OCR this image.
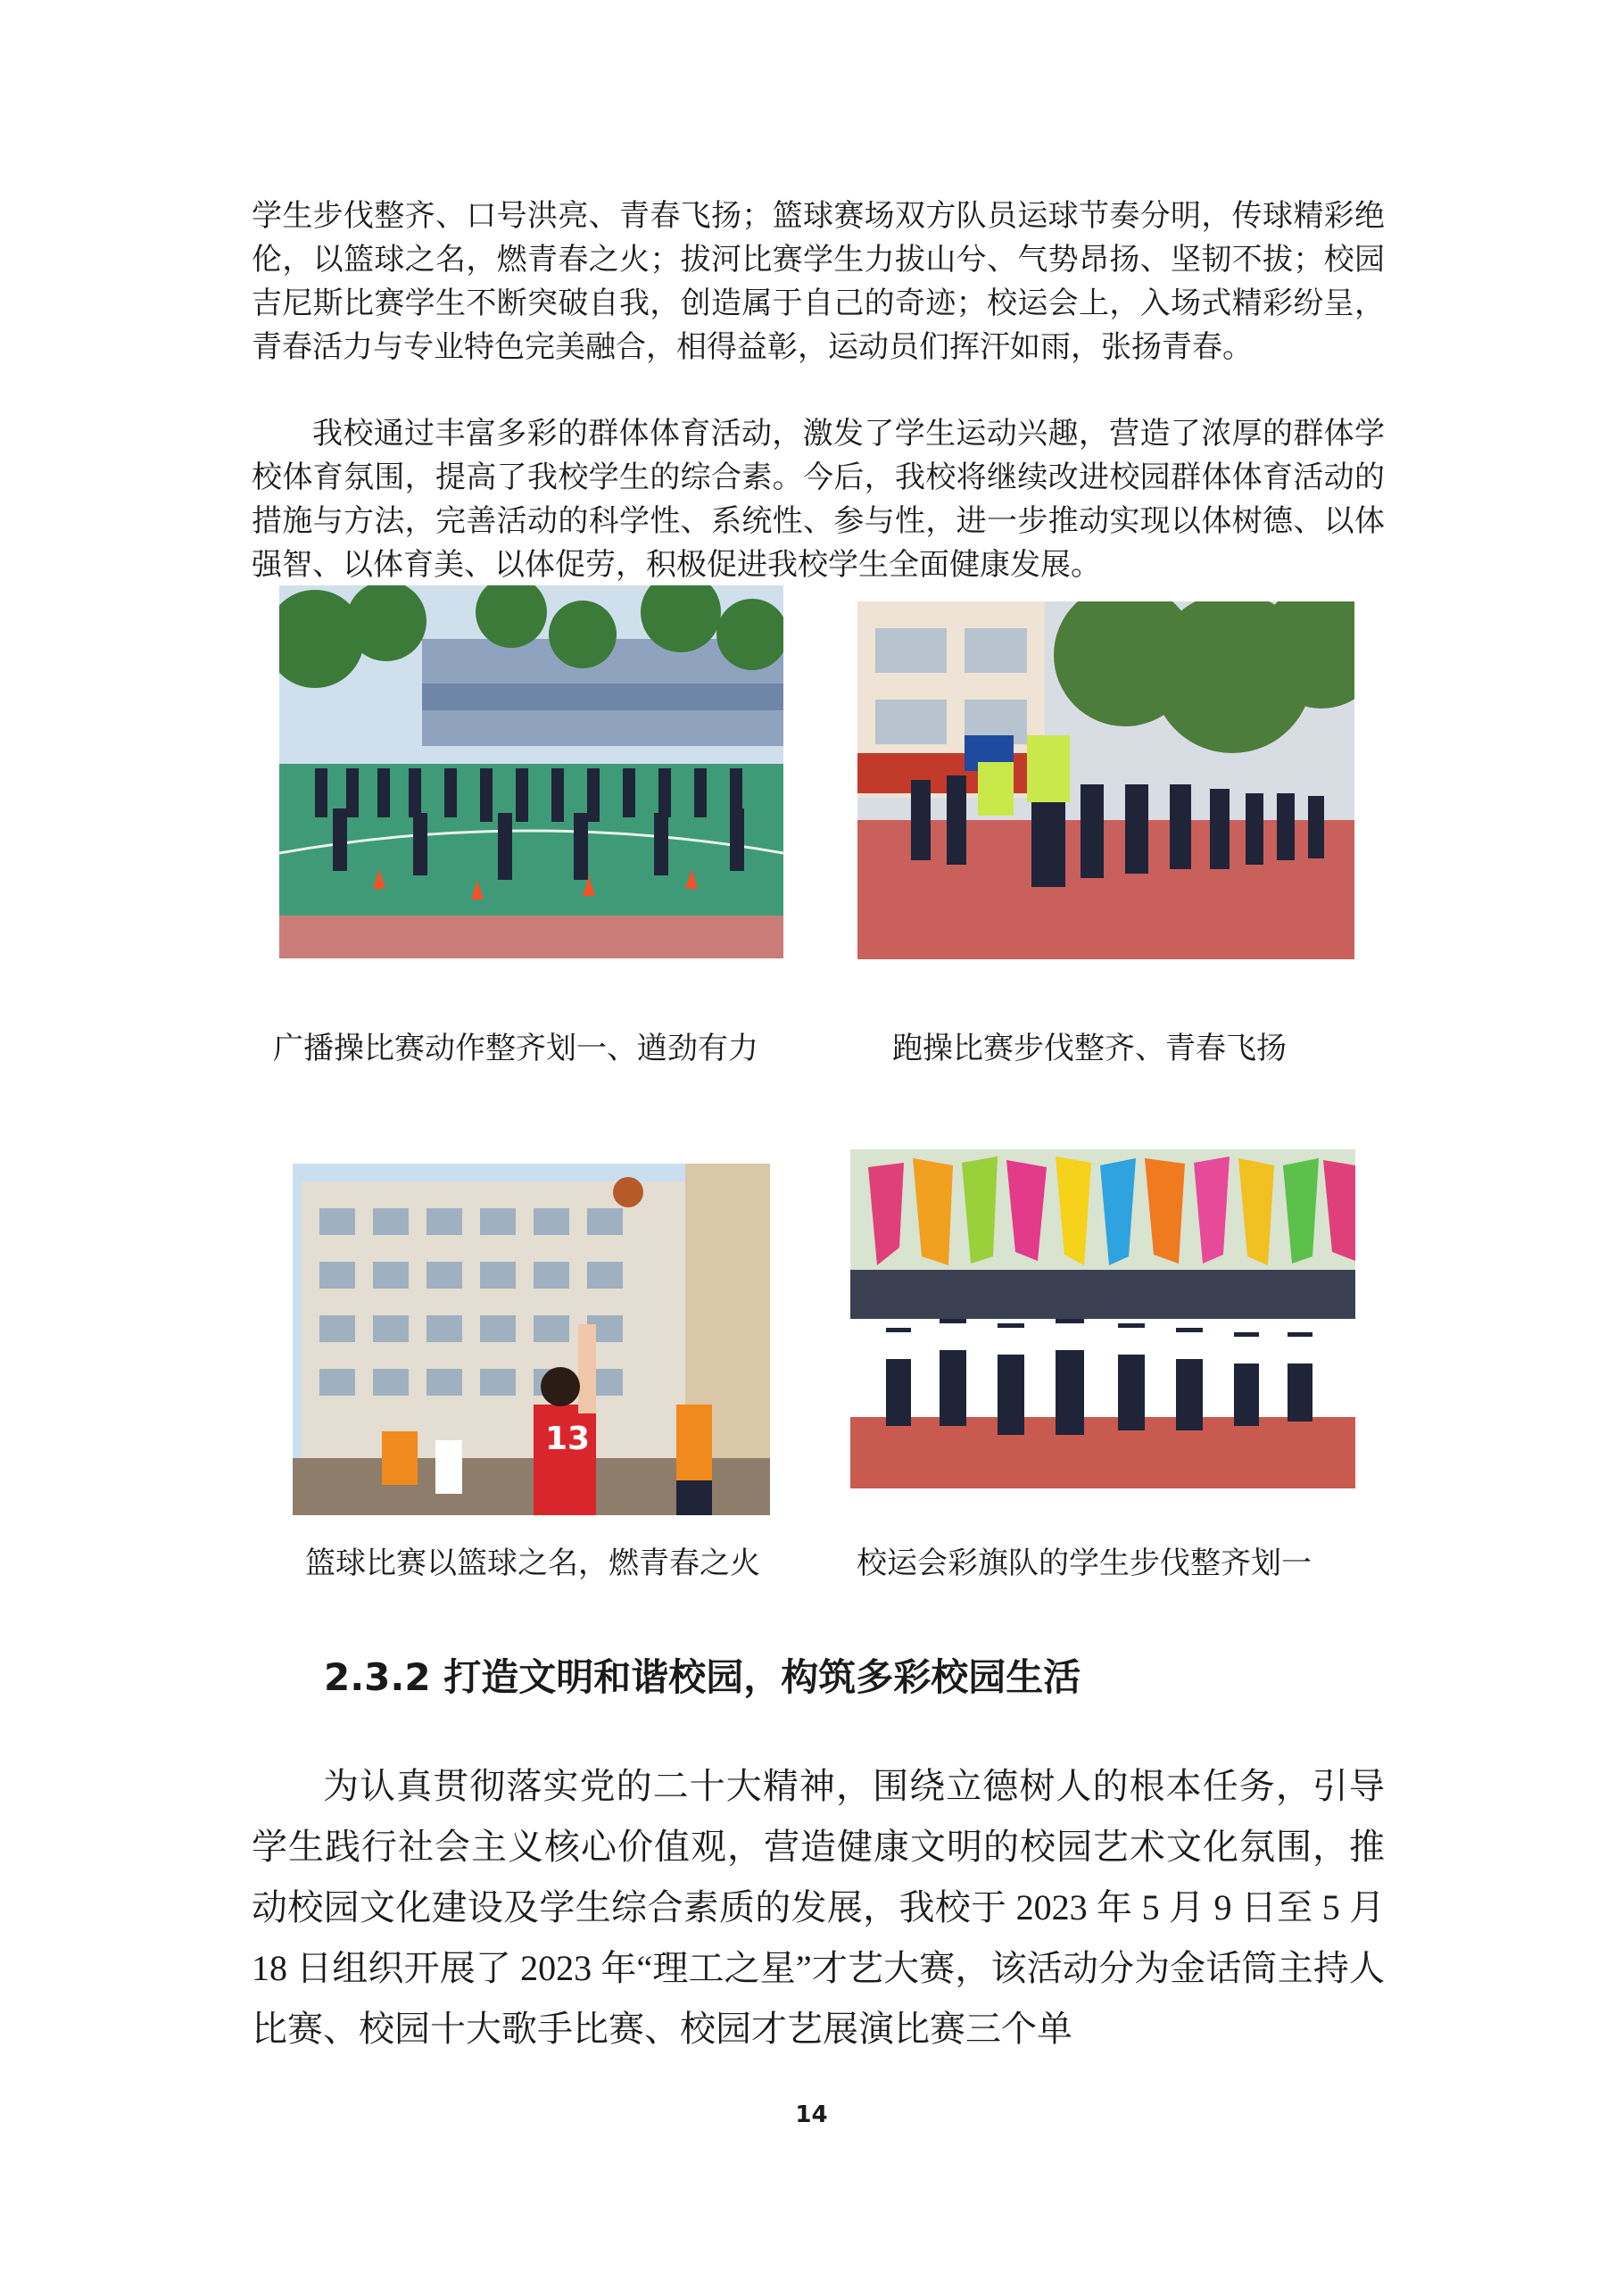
学生步伐整齐、口号洪亮、青春飞扬；篮球赛场双方队员运球节奏分明，传球精彩绝伦，以篮球之名，燃青春之火；拔河比赛学生力拔山兮、气势昂扬、坚韧不拔；校园吉尼斯比赛学生不断突破自我，创造属于自己的奇迹；校运会上，入场式精彩纷呈，青春活力与专业特色完美融合，相得益彰，运动员们挥汗如雨，张扬青春。

我校通过丰富多彩的群体体育活动，激发了学生运动兴趣，营造了浓厚的群体学校体育氛围，提高了我校学生的综合素。今后，我校将继续改进校园群体体育活动的措施与方法，完善活动的科学性、系统性、参与性，进一步推动实现以体树德、以体强智、以体育美、以体促劳，积极促进我校学生全面健康发展。

广播操比赛动作整齐划一、遒劲有力	跑操比赛步伐整齐、青春飞扬

13

篮球比赛以篮球之名，燃青春之火	校运会彩旗队的学生步伐整齐划一

2.3.2 打造文明和谐校园，构筑多彩校园生活

为认真贯彻落实党的二十大精神，围绕立德树人的根本任务，引导学生践行社会主义核心价值观，营造健康文明的校园艺术文化氛围，推动校园文化建设及学生综合素质的发展，我校于 2023 年 5 月 9 日至 5 月 18 日组织开展了 2023 年“理工之星”才艺大赛，该活动分为金话筒主持人比赛、校园十大歌手比赛、校园才艺展演比赛三个单

14
